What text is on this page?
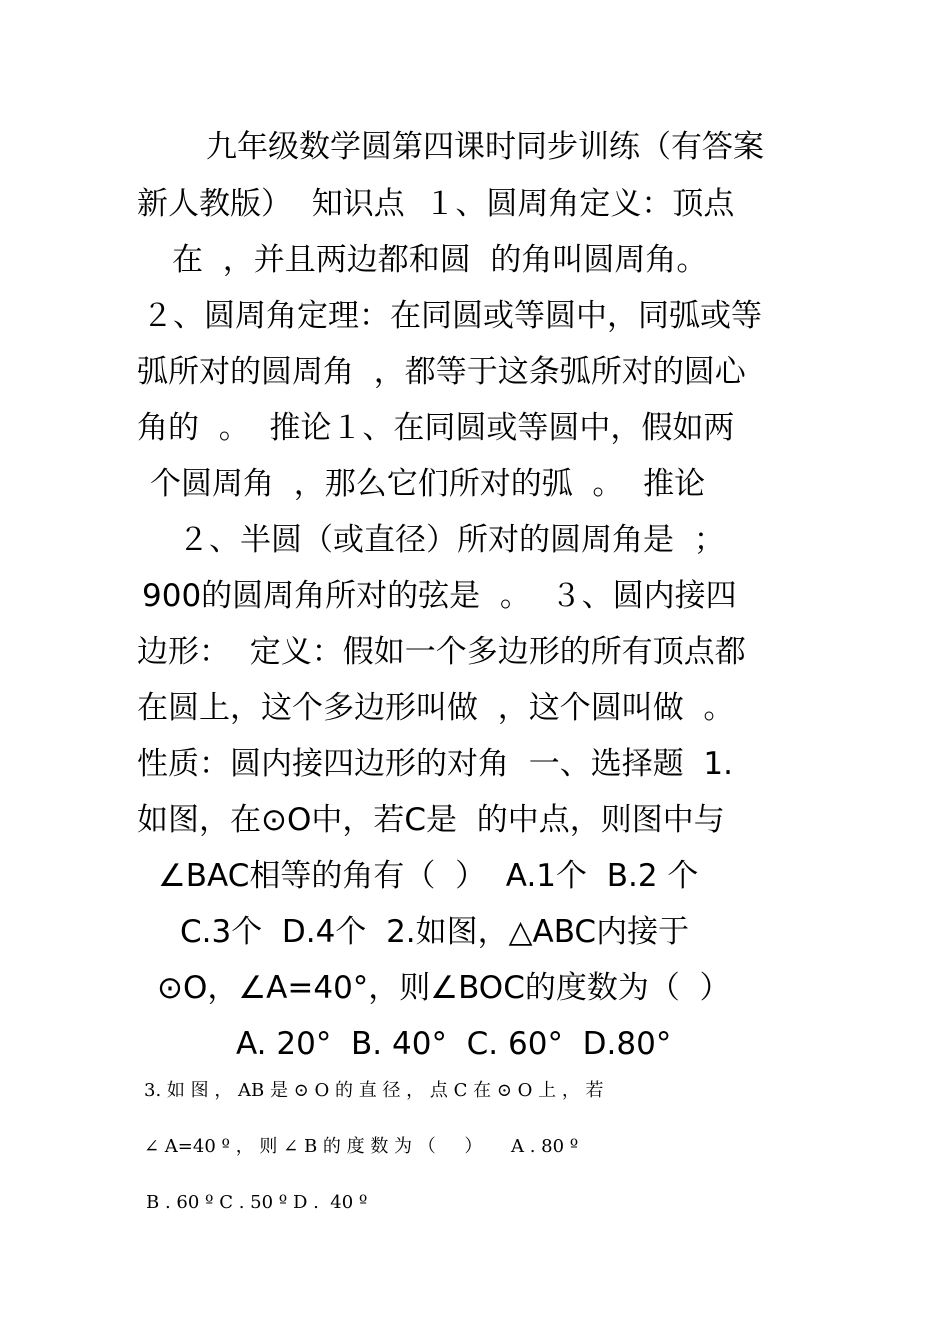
九年级数学圆第四课时同步训练（有答案
新人教版）  知识点  １、圆周角定义：顶点
在  ，并且两边都和圆  的角叫圆周角。
２、圆周角定理：在同圆或等圆中，同弧或等
弧所对的圆周角  ，都等于这条弧所对的圆心
角的  。  推论１、在同圆或等圆中，假如两
个圆周角  ，那么它们所对的弧  。  推论
２、半圆（或直径）所对的圆周角是  ；
900的圆周角所对的弦是  。  ３、圆内接四
边形：  定义：假如一个多边形的所有顶点都
在圆上，这个多边形叫做  ，这个圆叫做  。
性质：圆内接四边形的对角  一、选择题  1.
如图，在⊙O中，若C是  的中点，则图中与
∠BAC相等的角有（  ）  A.1个  B.2 个
C.3个  D.4个  2.如图，△ABC内接于
⊙O，∠A=40°，则∠BOC的度数为（  ）
A. 20°  B. 40°  C. 60°  D.80°
3. 如 图 ， AB 是 ⊙ O 的 直 径 ， 点 C 在 ⊙ O 上 ， 若
∠ A=40 º ， 则 ∠ B 的 度 数 为 （     ）     A . 80 º
B . 60 º C . 50 º D .  40 º
